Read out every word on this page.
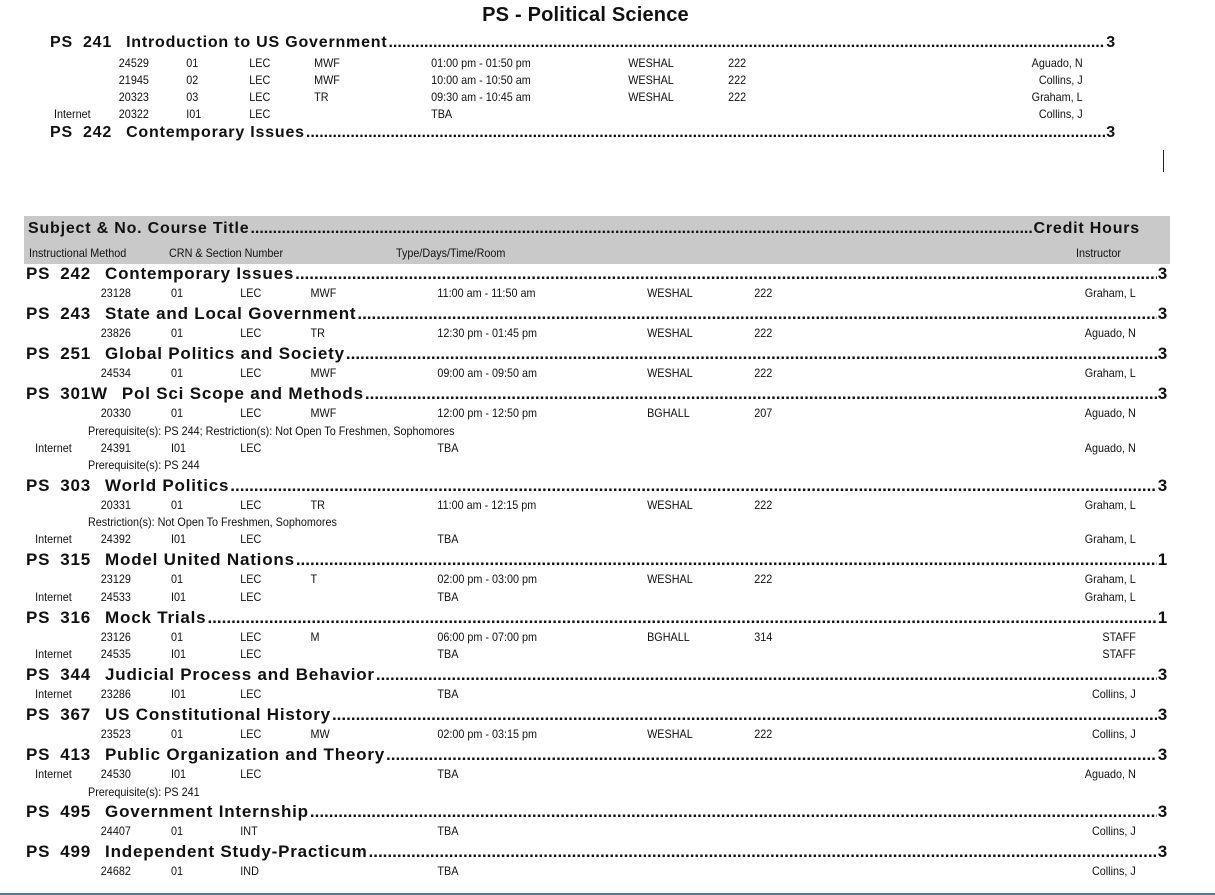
PS - Political Science
PS 241 Introduction to US Government .....	3
24529	01	LEC	MWF	01:00 pm - 01:50 pm	WESHAL	222	Aguado, N
21945	02	LEC	MWF	10:00 am - 10:50 am	WESHAL	222	Collins, J
20323	03	LEC	TR	09:30 am - 10:45 am	WESHAL	222	Graham, L
Internet 20322	I01	LEC	TBA	Collins, J
PS 242 Contemporary Issues .....	3
Subject & No. Course Title .....	Credit Hours
Instructional Method	CRN & Section Number	Type/Days/Time/Room	Instructor
PS 242 Contemporary Issues .....	3
23128	01	LEC	MWF	11:00 am - 11:50 am	WESHAL	222	Graham, L
PS 243 State and Local Government .....	3
23826	01	LEC	TR	12:30 pm - 01:45 pm	WESHAL	222	Aguado, N
PS 251 Global Politics and Society .....	3
24534	01	LEC	MWF	09:00 am - 09:50 am	WESHAL	222	Graham, L
PS 301W Pol Sci Scope and Methods .....	3
20330	01	LEC	MWF	12:00 pm - 12:50 pm	BGHALL	207	Aguado, N
Prerequisite(s): PS 244; Restriction(s): Not Open To Freshmen, Sophomores
Internet 24391	I01	LEC	TBA	Aguado, N
Prerequisite(s): PS 244
PS 303 World Politics .....	3
20331	01	LEC	TR	11:00 am - 12:15 pm	WESHAL	222	Graham, L
Restriction(s): Not Open To Freshmen, Sophomores
Internet 24392	I01	LEC	TBA	Graham, L
PS 315 Model United Nations .....	1
23129	01	LEC	T	02:00 pm - 03:00 pm	WESHAL	222	Graham, L
Internet 24533	I01	LEC	TBA	Graham, L
PS 316 Mock Trials .....	1
23126	01	LEC	M	06:00 pm - 07:00 pm	BGHALL	314	STAFF
Internet 24535	I01	LEC	TBA	STAFF
PS 344 Judicial Process and Behavior .....	3
Internet 23286	I01	LEC	TBA	Collins, J
PS 367 US Constitutional History .....	3
23523	01	LEC	MW	02:00 pm - 03:15 pm	WESHAL	222	Collins, J
PS 413 Public Organization and Theory .....	3
Internet 24530	I01	LEC	TBA	Aguado, N
Prerequisite(s): PS 241
PS 495 Government Internship .....	3
24407	01	INT	TBA	Collins, J
PS 499 Independent Study-Practicum .....	3
24682	01	IND	TBA	Collins, J
